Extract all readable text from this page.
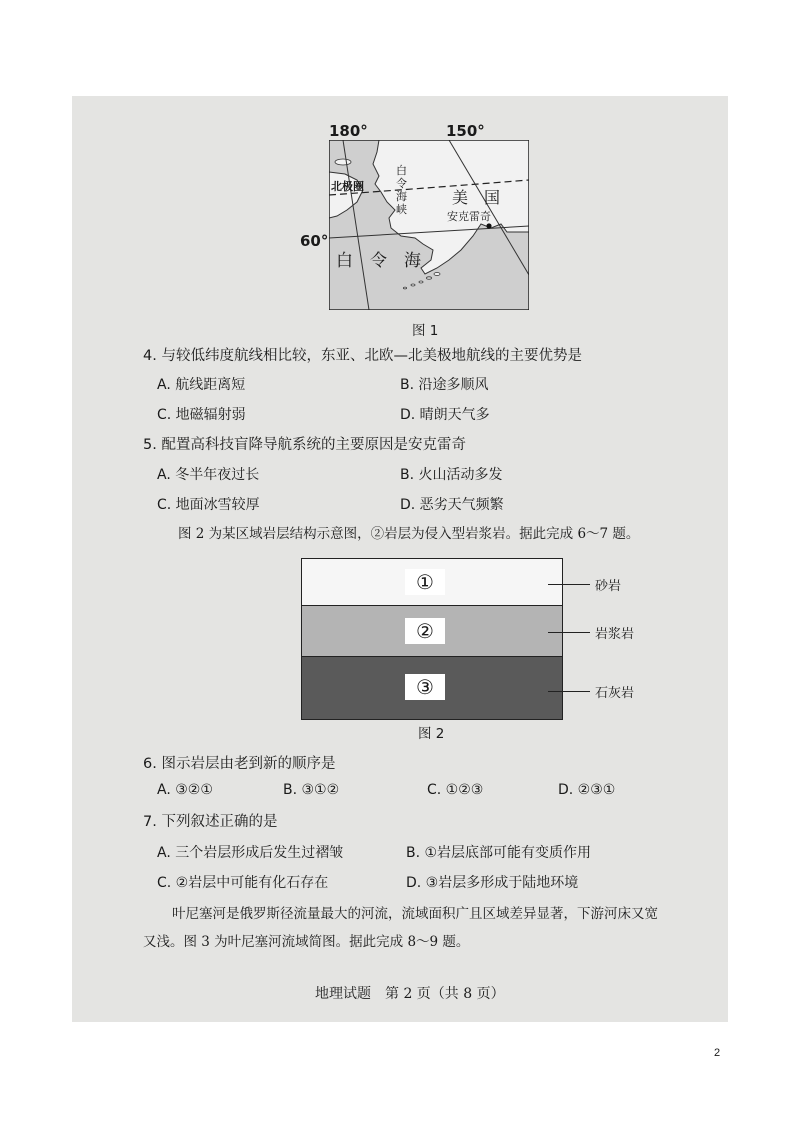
180°	150°
60°
北极圈
白
令
海
峡
美　国
安克雷奇
白　令　海
图 1
4. 与较低纬度航线相比较，东亚、北欧—北美极地航线的主要优势是
A. 航线距离短	B. 沿途多顺风
C. 地磁辐射弱	D. 晴朗天气多
5. 配置高科技盲降导航系统的主要原因是安克雷奇
A. 冬半年夜过长	B. 火山活动多发
C. 地面冰雪较厚	D. 恶劣天气频繁
图 2 为某区域岩层结构示意图，②岩层为侵入型岩浆岩。据此完成 6～7 题。
①
②
③
砂岩
岩浆岩
石灰岩
图 2
6. 图示岩层由老到新的顺序是
A. ③②①	B. ③①②	C. ①②③	D. ②③①
7. 下列叙述正确的是
A. 三个岩层形成后发生过褶皱	B. ①岩层底部可能有变质作用
C. ②岩层中可能有化石存在	D. ③岩层多形成于陆地环境
叶尼塞河是俄罗斯径流量最大的河流，流域面积广且区域差异显著，下游河床又宽
又浅。图 3 为叶尼塞河流域简图。据此完成 8～9 题。
地理试题　第 2 页（共 8 页）
2
